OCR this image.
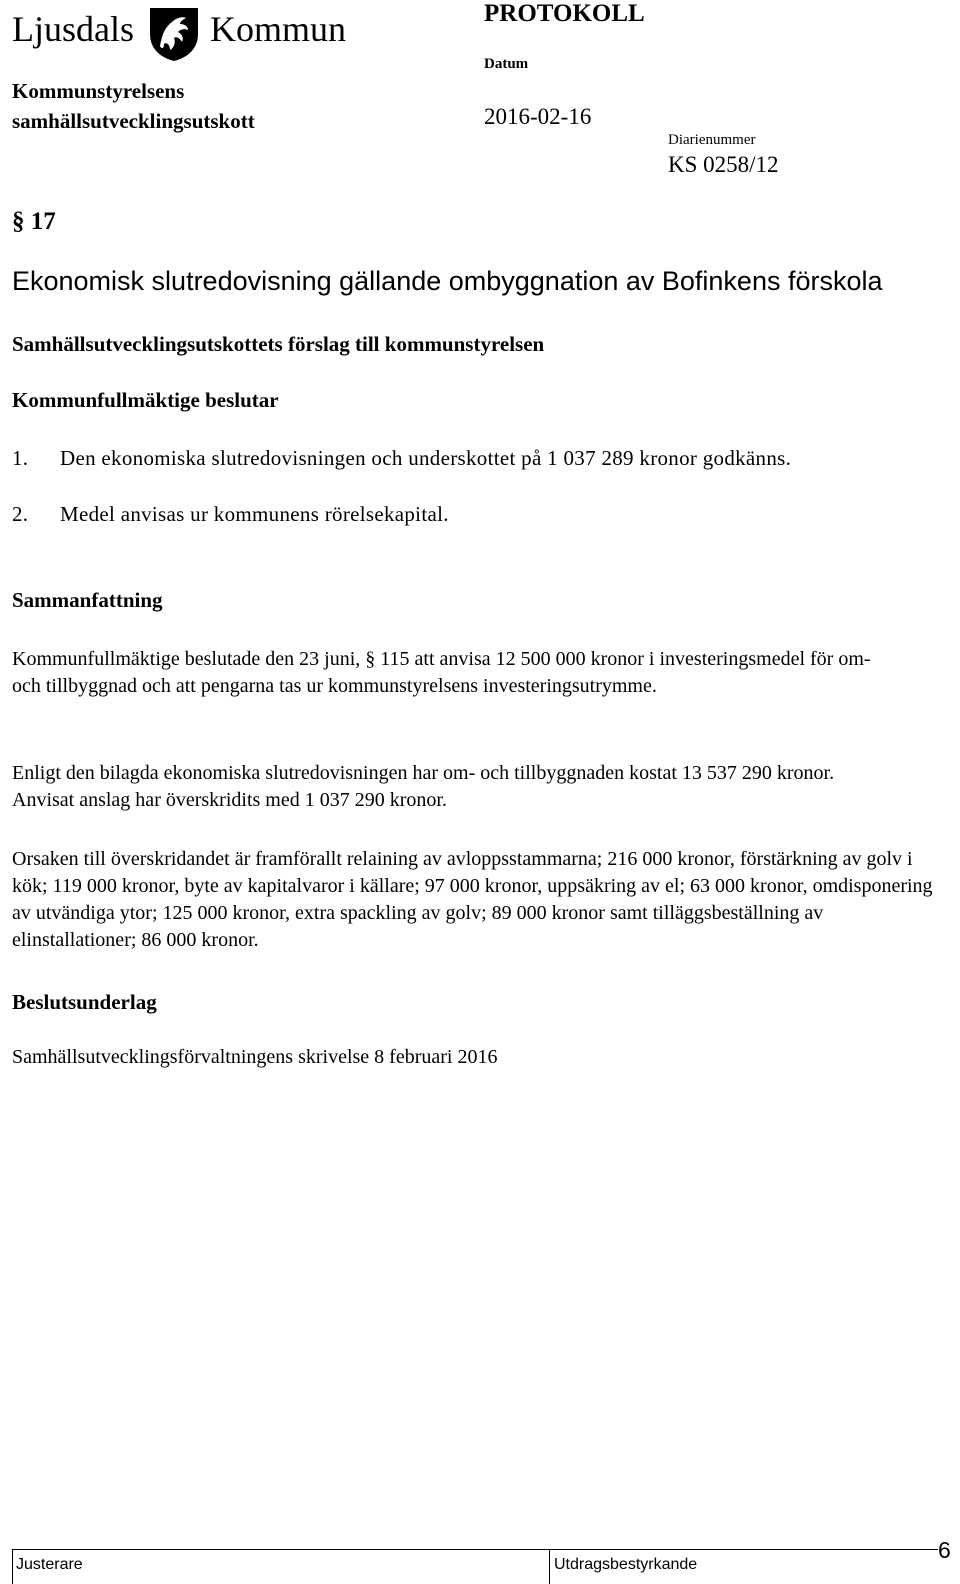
Ljusdals Kommun	PROTOKOLL
Datum
2016-02-16
Kommunstyrelsens
samhällsutvecklingsutskott
Diarienummer
KS 0258/12
§ 17
Ekonomisk slutredovisning gällande ombyggnation av Bofinkens förskola
Samhällsutvecklingsutskottets förslag till kommunstyrelsen
Kommunfullmäktige beslutar
1. Den ekonomiska slutredovisningen och underskottet på 1 037 289 kronor godkänns.
2. Medel anvisas ur kommunens rörelsekapital.
Sammanfattning
Kommunfullmäktige beslutade den 23 juni, § 115 att anvisa 12 500 000 kronor i investeringsmedel för om- och tillbyggnad och att pengarna tas ur kommunstyrelsens investeringsutrymme.
Enligt den bilagda ekonomiska slutredovisningen har om- och tillbyggnaden kostat 13 537 290 kronor. Anvisat anslag har överskridits med 1 037 290 kronor.
Orsaken till överskridandet är framförallt relaining av avloppsstammarna; 216 000 kronor, förstärkning av golv i kök; 119 000 kronor, byte av kapitalvaror i källare; 97 000 kronor, uppsäkring av el; 63 000 kronor, omdisponering av utvändiga ytor; 125 000 kronor, extra spackling av golv; 89 000 kronor samt tilläggsbeställning av elinstallationer; 86 000 kronor.
Beslutsunderlag
Samhällsutvecklingsförvaltningens skrivelse 8 februari 2016
Justerare	Utdragsbestyrkande
6
